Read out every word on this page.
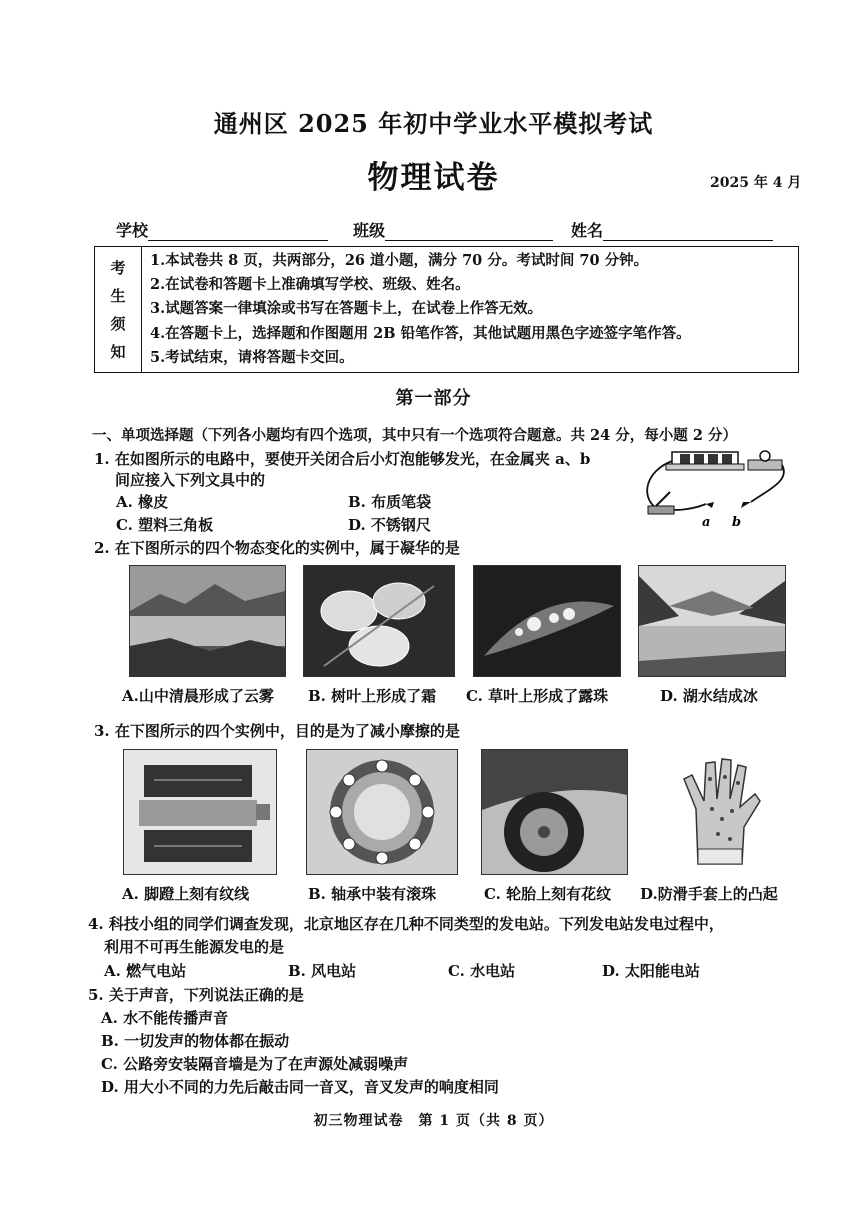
通州区 2025 年初中学业水平模拟考试
物理试卷	2025 年 4 月
学校	班级	姓名
考
生
须
知

1.本试卷共 8 页，共两部分，26 道小题，满分 70 分。考试时间 70 分钟。
2.在试卷和答题卡上准确填写学校、班级、姓名。
3.试题答案一律填涂或书写在答题卡上，在试卷上作答无效。
4.在答题卡上，选择题和作图题用 2B 铅笔作答，其他试题用黑色字迹签字笔作答。
5.考试结束，请将答题卡交回。
第一部分
一、单项选择题（下列各小题均有四个选项，其中只有一个选项符合题意。共 24 分，每小题 2 分）
1. 在如图所示的电路中，要使开关闭合后小灯泡能够发光，在金属夹 a、b
间应接入下列文具中的
A. 橡皮	B. 布质笔袋
C. 塑料三角板	D. 不锈钢尺	a b
2. 在下图所示的四个物态变化的实例中，属于凝华的是
A.山中清晨形成了云雾 B. 树叶上形成了霜 C. 草叶上形成了露珠	D. 湖水结成冰
3. 在下图所示的四个实例中，目的是为了减小摩擦的是
A. 脚蹬上刻有纹线	B. 轴承中装有滚珠	C. 轮胎上刻有花纹 D.防滑手套上的凸起
4. 科技小组的同学们调查发现，北京地区存在几种不同类型的发电站。下列发电站发电过程中，
利用不可再生能源发电的是
A. 燃气电站	B. 风电站	C. 水电站	D. 太阳能电站
5. 关于声音，下列说法正确的是
A. 水不能传播声音
B. 一切发声的物体都在振动
C. 公路旁安装隔音墙是为了在声源处减弱噪声
D. 用大小不同的力先后敲击同一音叉，音叉发声的响度相同
初三物理试卷　第 1 页（共 8 页）
